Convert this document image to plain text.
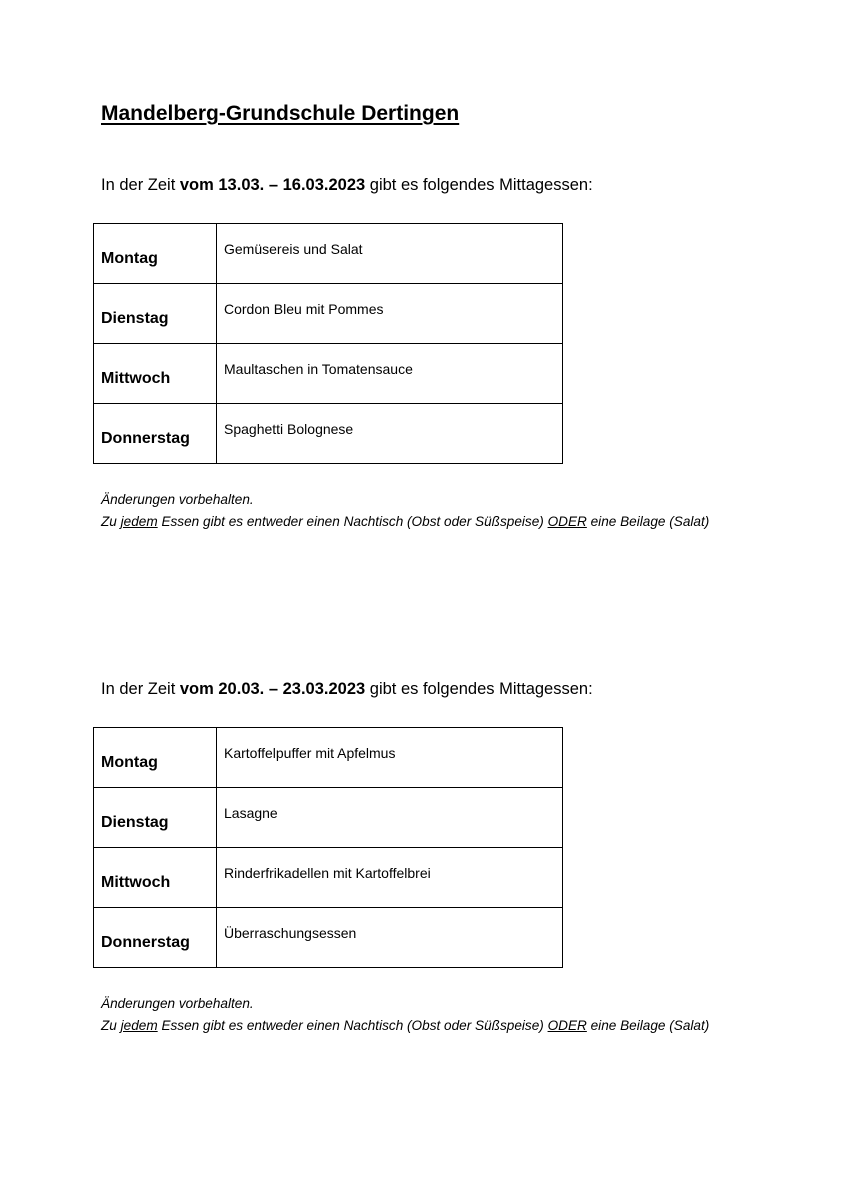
Mandelberg-Grundschule Dertingen
In der Zeit vom 13.03. – 16.03.2023 gibt es folgendes Mittagessen:
Montag	Gemüsereis und Salat
Dienstag	Cordon Bleu mit Pommes
Mittwoch	Maultaschen in Tomatensauce
Donnerstag	Spaghetti Bolognese
Änderungen vorbehalten.
Zu jedem Essen gibt es entweder einen Nachtisch (Obst oder Süßspeise) ODER eine Beilage (Salat)
In der Zeit vom 20.03. – 23.03.2023 gibt es folgendes Mittagessen:
Montag	Kartoffelpuffer mit Apfelmus
Dienstag	Lasagne
Mittwoch	Rinderfrikadellen mit Kartoffelbrei
Donnerstag	Überraschungsessen
Änderungen vorbehalten.
Zu jedem Essen gibt es entweder einen Nachtisch (Obst oder Süßspeise) ODER eine Beilage (Salat)
